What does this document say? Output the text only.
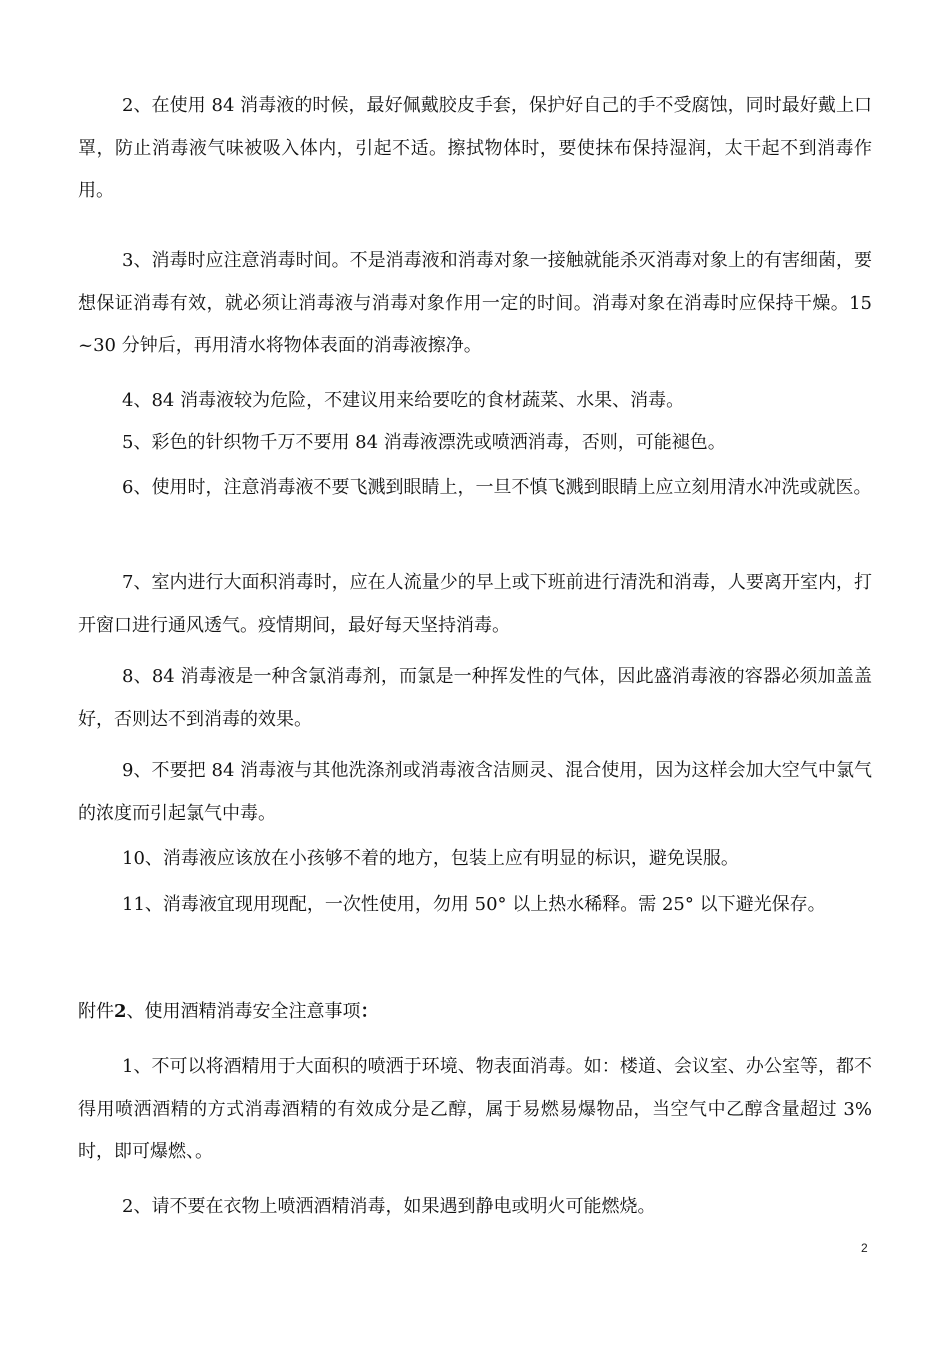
2、在使用 84 消毒液的时候，最好佩戴胶皮手套，保护好自己的手不受腐蚀，同时最好戴上口罩，防止消毒液气味被吸入体内，引起不适。擦拭物体时，要使抹布保持湿润，太干起不到消毒作用。

3、消毒时应注意消毒时间。不是消毒液和消毒对象一接触就能杀灭消毒对象上的有害细菌，要想保证消毒有效，就必须让消毒液与消毒对象作用一定的时间。消毒对象在消毒时应保持干燥。15 ~30 分钟后，再用清水将物体表面的消毒液擦净。

4、84 消毒液较为危险，不建议用来给要吃的食材蔬菜、水果、消毒。

5、彩色的针织物千万不要用 84 消毒液漂洗或喷洒消毒，否则，可能褪色。

6、使用时，注意消毒液不要飞溅到眼睛上，一旦不慎飞溅到眼睛上应立刻用清水冲洗或就医。

7、室内进行大面积消毒时，应在人流量少的早上或下班前进行清洗和消毒，人要离开室内，打开窗口进行通风透气。疫情期间，最好每天坚持消毒。

8、84 消毒液是一种含氯消毒剂，而氯是一种挥发性的气体，因此盛消毒液的容器必须加盖盖好，否则达不到消毒的效果。

9、不要把 84 消毒液与其他洗涤剂或消毒液含洁厕灵、混合使用，因为这样会加大空气中氯气的浓度而引起氯气中毒。

10、消毒液应该放在小孩够不着的地方，包装上应有明显的标识，避免误服。

11、消毒液宜现用现配，一次性使用，勿用 50° 以上热水稀释。需 25° 以下避光保存。

附件2、使用酒精消毒安全注意事项：

1、不可以将酒精用于大面积的喷洒于环境、物表面消毒。如：楼道、会议室、办公室等，都不得用喷洒酒精的方式消毒酒精的有效成分是乙醇，属于易燃易爆物品，当空气中乙醇含量超过 3%时，即可爆燃、。

2、请不要在衣物上喷洒酒精消毒，如果遇到静电或明火可能燃烧。

2
